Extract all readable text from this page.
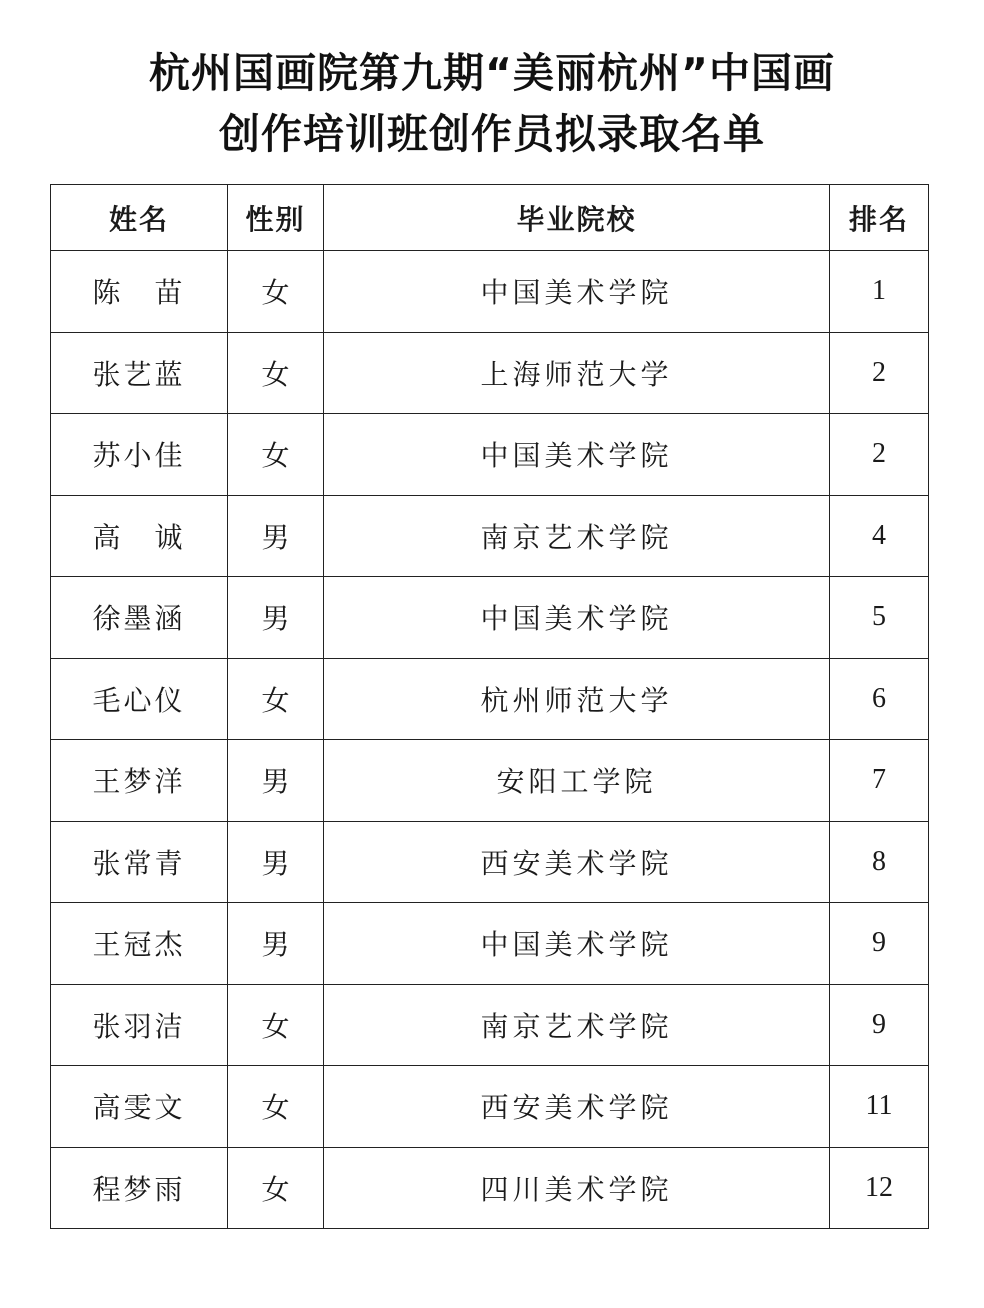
杭州国画院第九期“美丽杭州”中国画
创作培训班创作员拟录取名单
姓名	性别	毕业院校	排名
陈　苗	女	中国美术学院	1
张艺蓝	女	上海师范大学	2
苏小佳	女	中国美术学院	2
高　诚	男	南京艺术学院	4
徐墨涵	男	中国美术学院	5
毛心仪	女	杭州师范大学	6
王梦洋	男	安阳工学院	7
张常青	男	西安美术学院	8
王冠杰	男	中国美术学院	9
张羽洁	女	南京艺术学院	9
高雯文	女	西安美术学院	11
程梦雨	女	四川美术学院	12
